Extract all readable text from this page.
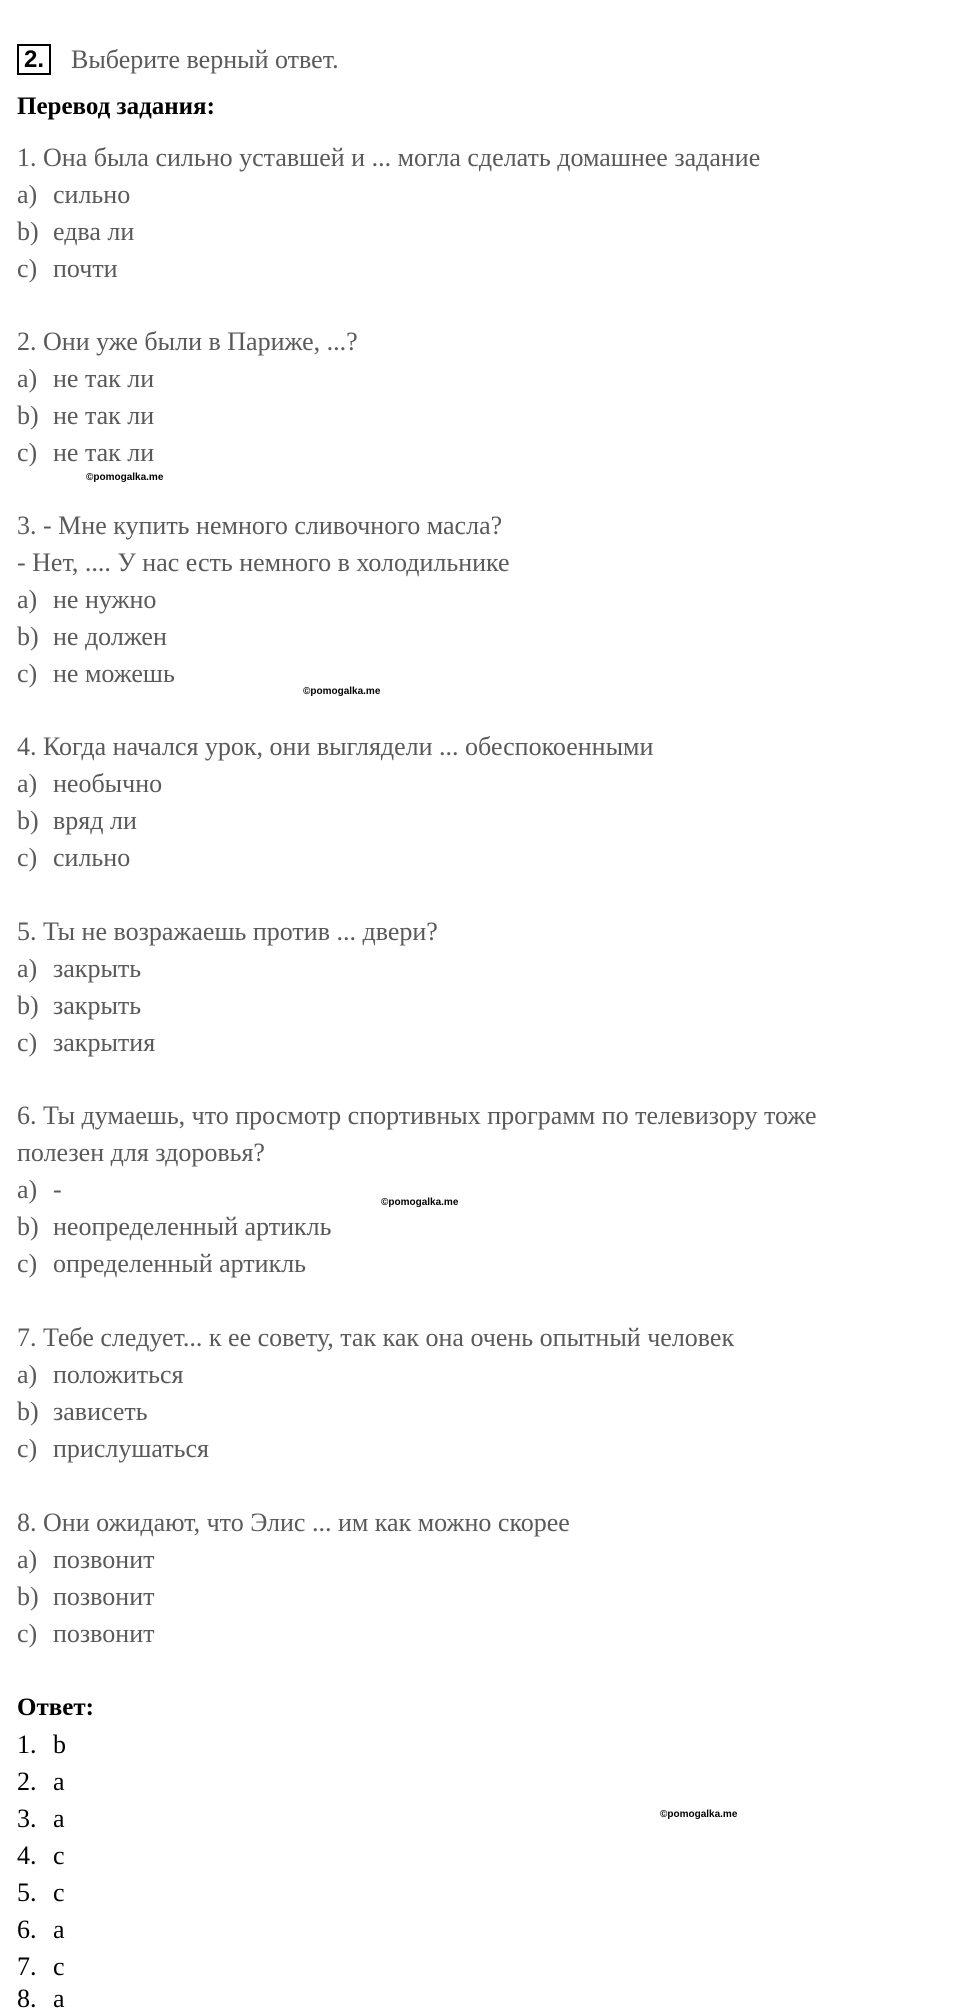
2. Выберите верный ответ.
Перевод задания:
1. Она была сильно уставшей и ... могла сделать домашнее задание
a) сильно
b) едва ли
c) почти
2. Они уже были в Париже, ...?
a) не так ли
b) не так ли
c) не так ли
©pomogalka.me
3. - Мне купить немного сливочного масла?
- Нет, .... У нас есть немного в холодильнике
a) не нужно
b) не должен
c) не можешь
©pomogalka.me
4. Когда начался урок, они выглядели ... обеспокоенными
a) необычно
b) вряд ли
c) сильно
5. Ты не возражаешь против ... двери?
a) закрыть
b) закрыть
c) закрытия
6. Ты думаешь, что просмотр спортивных программ по телевизору тоже
полезен для здоровья?
a) -	©pomogalka.me
b) неопределенный артикль
c) определенный артикль
7. Тебе следует... к ее совету, так как она очень опытный человек
a) положиться
b) зависеть
c) прислушаться
8. Они ожидают, что Элис ... им как можно скорее
a) позвонит
b) позвонит
c) позвонит
Ответ:
1. b
2. a
3. a	©pomogalka.me
4. c
5. c
6. a
7. c
8. a
